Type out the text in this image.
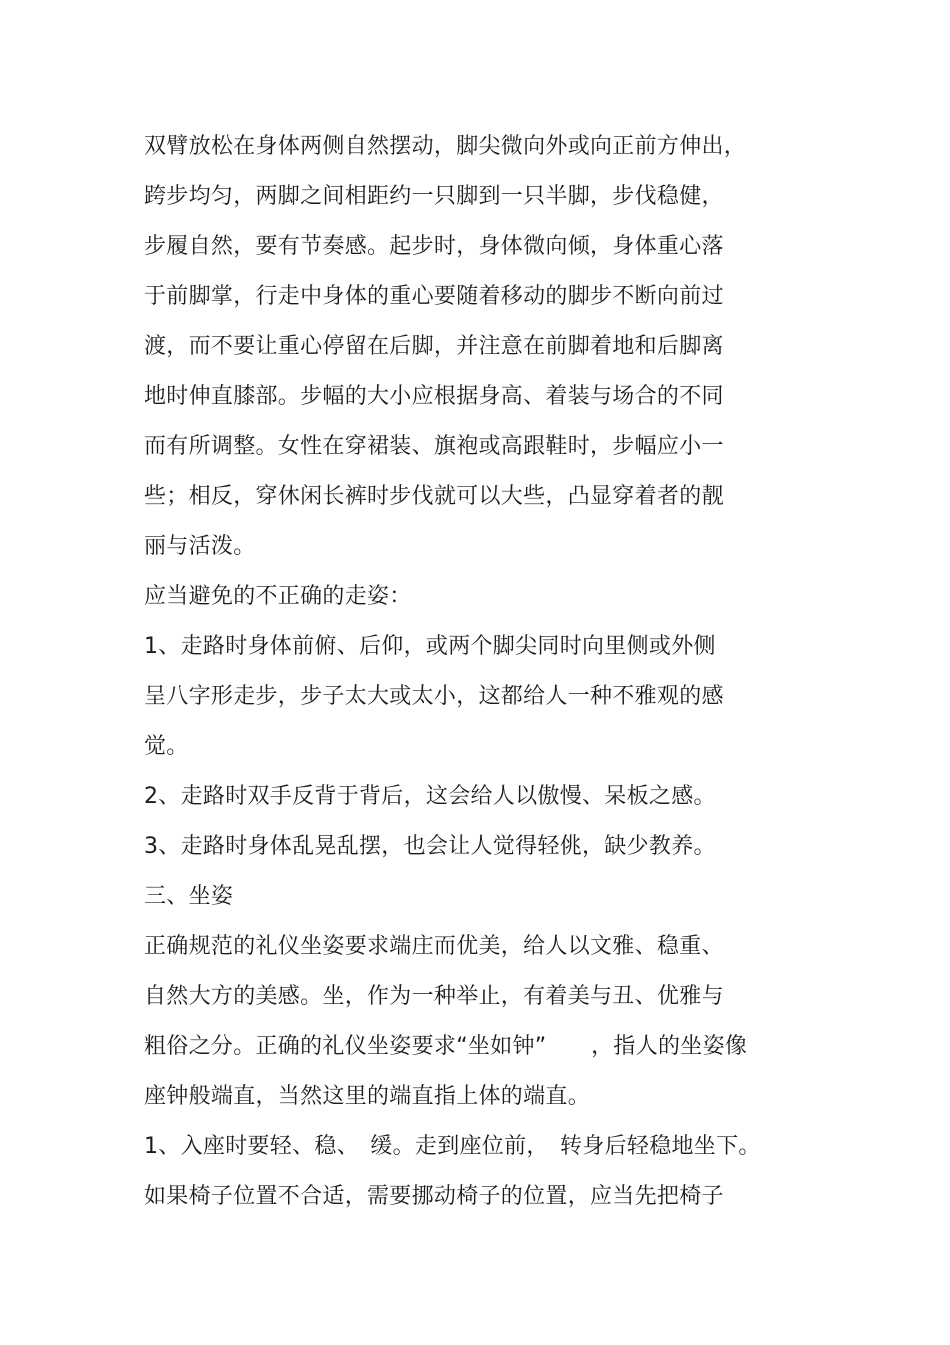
双臂放松在身体两侧自然摆动，脚尖微向外或向正前方伸出，
跨步均匀，两脚之间相距约一只脚到一只半脚，步伐稳健，
步履自然，要有节奏感。起步时，身体微向倾，身体重心落
于前脚掌，行走中身体的重心要随着移动的脚步不断向前过
渡，而不要让重心停留在后脚，并注意在前脚着地和后脚离
地时伸直膝部。步幅的大小应根据身高、着装与场合的不同
而有所调整。女性在穿裙装、旗袍或高跟鞋时，步幅应小一
些；相反，穿休闲长裤时步伐就可以大些，凸显穿着者的靓
丽与活泼。
应当避免的不正确的走姿：
1、走路时身体前俯、后仰，或两个脚尖同时向里侧或外侧
呈八字形走步，步子太大或太小，这都给人一种不雅观的感
觉。
2、走路时双手反背于背后，这会给人以傲慢、呆板之感。
3、走路时身体乱晃乱摆，也会让人觉得轻佻，缺少教养。
三、坐姿
正确规范的礼仪坐姿要求端庄而优美，给人以文雅、稳重、
自然大方的美感。坐，作为一种举止，有着美与丑、优雅与
粗俗之分。正确的礼仪坐姿要求“坐如钟”　　，指人的坐姿像
座钟般端直，当然这里的端直指上体的端直。
1、入座时要轻、稳、　缓。走到座位前，　转身后轻稳地坐下。
如果椅子位置不合适，需要挪动椅子的位置，应当先把椅子
